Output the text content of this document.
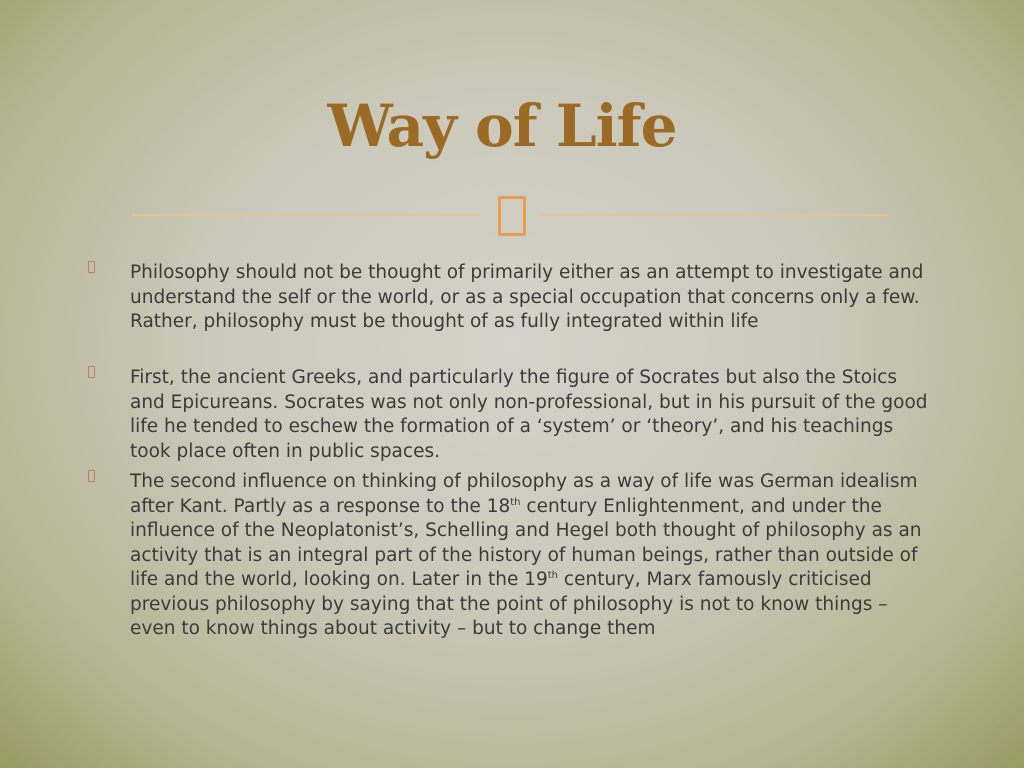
Way of Life
Philosophy should not be thought of primarily either as an attempt to investigate and understand the self or the world, or as a special occupation that concerns only a few. Rather, philosophy must be thought of as fully integrated within life
First, the ancient Greeks, and particularly the figure of Socrates but also the Stoics and Epicureans. Socrates was not only non-professional, but in his pursuit of the good life he tended to eschew the formation of a ‘system’ or ‘theory’, and his teachings took place often in public spaces.
The second influence on thinking of philosophy as a way of life was German idealism after Kant. Partly as a response to the 18th century Enlightenment, and under the influence of the Neoplatonist’s, Schelling and Hegel both thought of philosophy as an activity that is an integral part of the history of human beings, rather than outside of life and the world, looking on. Later in the 19th century, Marx famously criticised previous philosophy by saying that the point of philosophy is not to know things – even to know things about activity – but to change them
